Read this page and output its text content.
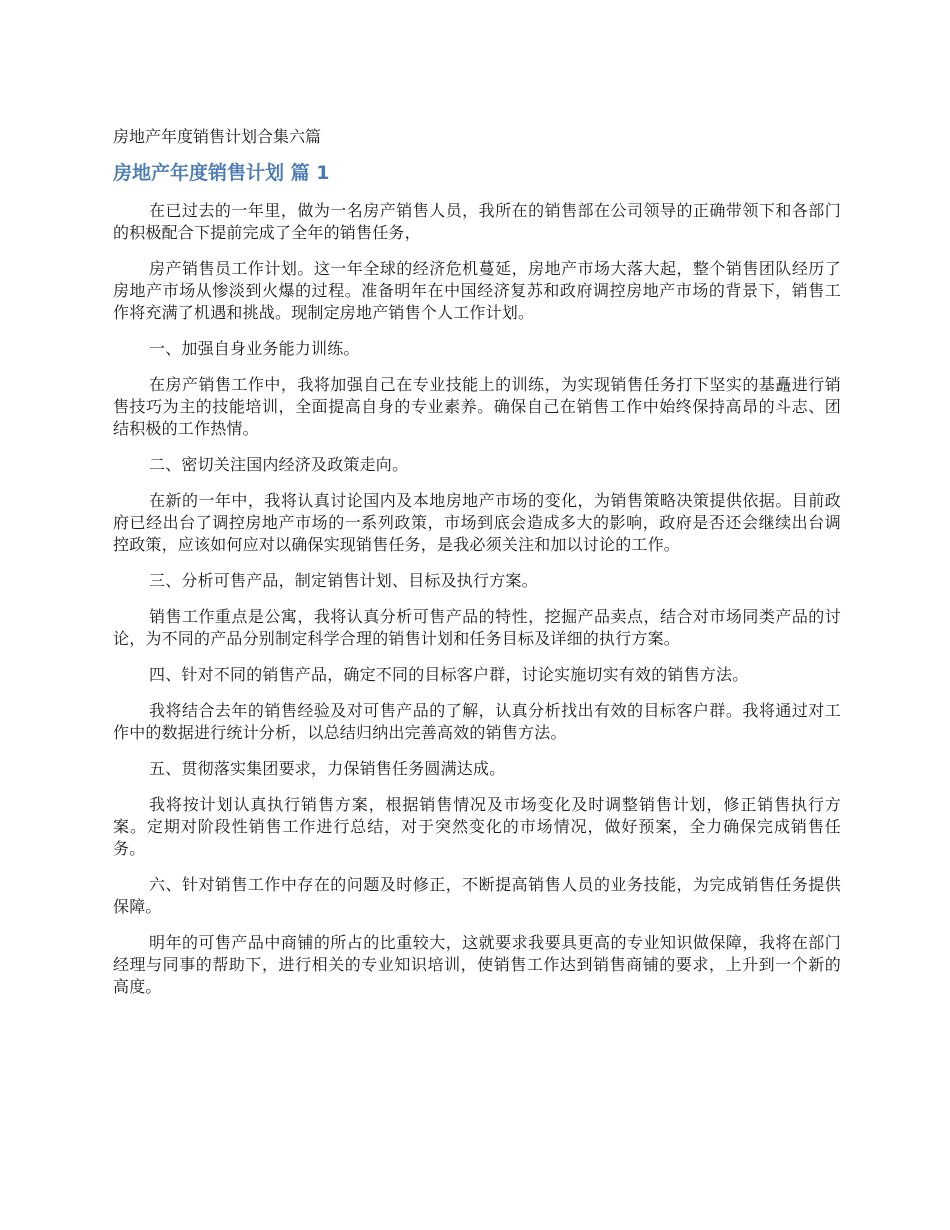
房地产年度销售计划合集六篇

房地产年度销售计划 篇 1

在已过去的一年里，做为一名房产销售人员，我所在的销售部在公司领导的正确带领下和各部门的积极配合下提前完成了全年的销售任务，

房产销售员工作计划。这一年全球的经济危机蔓延，房地产市场大落大起，整个销售团队经历了房地产市场从惨淡到火爆的过程。准备明年在中国经济复苏和政府调控房地产市场的背景下，销售工作将充满了机遇和挑战。现制定房地产销售个人工作计划。

一、加强自身业务能力训练。

在房产销售工作中，我将加强自己在专业技能上的训练，为实现销售任务打下坚实的基矗进行销售技巧为主的技能培训，全面提高自身的专业素养。确保自己在销售工作中始终保持高昂的斗志、团结积极的工作热情。

二、密切关注国内经济及政策走向。

在新的一年中，我将认真讨论国内及本地房地产市场的变化，为销售策略决策提供依据。目前政府已经出台了调控房地产市场的一系列政策，市场到底会造成多大的影响，政府是否还会继续出台调控政策，应该如何应对以确保实现销售任务，是我必须关注和加以讨论的工作。

三、分析可售产品，制定销售计划、目标及执行方案。

销售工作重点是公寓，我将认真分析可售产品的特性，挖掘产品卖点，结合对市场同类产品的讨论，为不同的产品分别制定科学合理的销售计划和任务目标及详细的执行方案。

四、针对不同的销售产品，确定不同的目标客户群，讨论实施切实有效的销售方法。

我将结合去年的销售经验及对可售产品的了解，认真分析找出有效的目标客户群。我将通过对工作中的数据进行统计分析，以总结归纳出完善高效的销售方法。

五、贯彻落实集团要求，力保销售任务圆满达成。

我将按计划认真执行销售方案，根据销售情况及市场变化及时调整销售计划，修正销售执行方案。定期对阶段性销售工作进行总结，对于突然变化的市场情况，做好预案，全力确保完成销售任务。

六、针对销售工作中存在的问题及时修正，不断提高销售人员的业务技能，为完成销售任务提供保障。

明年的可售产品中商铺的所占的比重较大，这就要求我要具更高的专业知识做保障，我将在部门经理与同事的帮助下，进行相关的专业知识培训，使销售工作达到销售商铺的要求，上升到一个新的高度。
